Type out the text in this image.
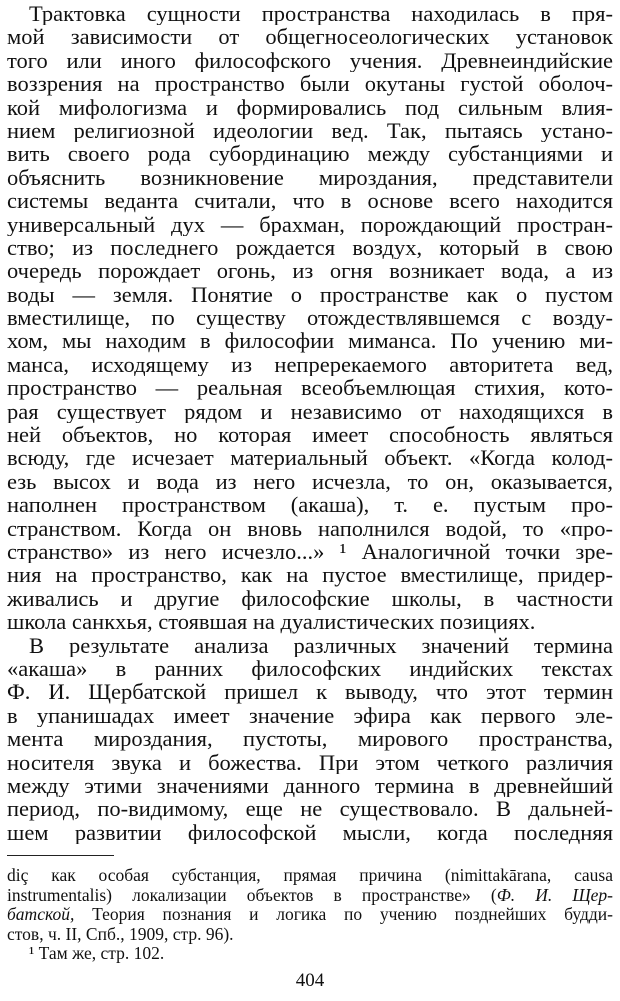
Трактовка сущности пространства находилась в пря-
мой зависимости от общегносеологических установок
того или иного философского учения. Древнеиндийские
воззрения на пространство были окутаны густой оболоч-
кой мифологизма и формировались под сильным влия-
нием религиозной идеологии вед. Так, пытаясь устано-
вить своего рода субординацию между субстанциями и
объяснить возникновение мироздания, представители
системы веданта считали, что в основе всего находится
универсальный дух — брахман, порождающий простран-
ство; из последнего рождается воздух, который в свою
очередь порождает огонь, из огня возникает вода, а из
воды — земля. Понятие о пространстве как о пустом
вместилище, по существу отождествлявшемся с возду-
хом, мы находим в философии миманса. По учению ми-
манса, исходящему из непререкаемого авторитета вед,
пространство — реальная всеобъемлющая стихия, кото-
рая существует рядом и независимо от находящихся в
ней объектов, но которая имеет способность являться
всюду, где исчезает материальный объект. «Когда колод-
езь высох и вода из него исчезла, то он, оказывается,
наполнен пространством (акаша), т. е. пустым про-
странством. Когда он вновь наполнился водой, то «про-
странство» из него исчезло...» ¹ Аналогичной точки зре-
ния на пространство, как на пустое вместилище, придер-
живались и другие философские школы, в частности
школа санкхья, стоявшая на дуалистических позициях.
В результате анализа различных значений термина
«акаша» в ранних философских индийских текстах
Ф. И. Щербатской пришел к выводу, что этот термин
в упанишадах имеет значение эфира как первого эле-
мента мироздания, пустоты, мирового пространства,
носителя звука и божества. При этом четкого различия
между этими значениями данного термина в древнейший
период, по-видимому, еще не существовало. В дальней-
шем развитии философской мысли, когда последняя
diç как особая субстанция, прямая причина (nimittakārana, causa
instrumentalis) локализации объектов в пространстве» (Ф. И. Щер-
батской, Теория познания и логика по учению позднейших будди-
стов, ч. II, Спб., 1909, стр. 96).
¹ Там же, стр. 102.
404
